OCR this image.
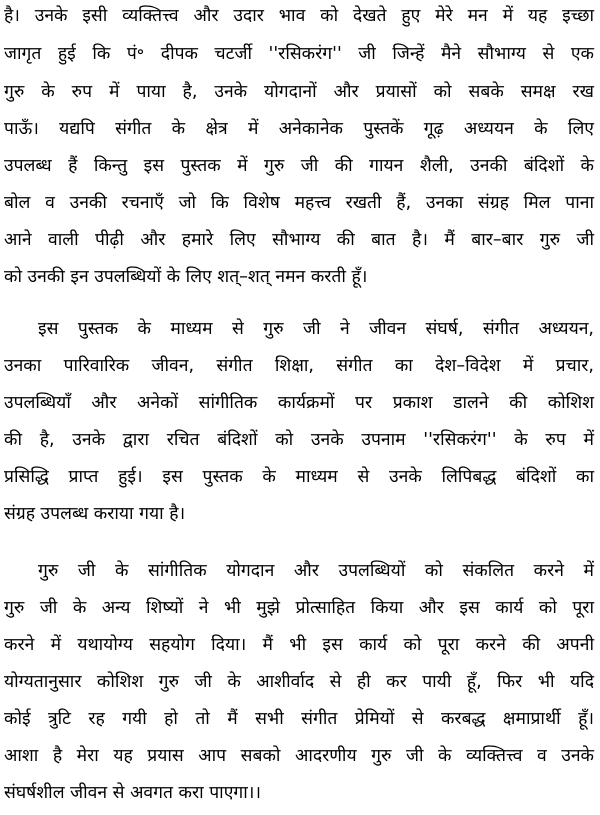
है। उनके इसी व्यक्तित्त्व और उदार भाव को देखते हुए मेरे मन में यह इच्छा
जागृत हुई कि पं॰ दीपक चटर्जी ''रसिकरंग'' जी जिन्हें मैने सौभाग्य से एक
गुरु के रुप में पाया है, उनके योगदानों और प्रयासों को सबके समक्ष रख
पाऊँ। यद्यपि संगीत के क्षेत्र में अनेकानेक पुस्तकें गूढ़ अध्ययन के लिए
उपलब्ध हैं किन्तु इस पुस्तक में गुरु जी की गायन शैली, उनकी बंदिशों के
बोल व उनकी रचनाएँ जो कि विशेष महत्त्व रखती हैं, उनका संग्रह मिल पाना
आने वाली पीढ़ी और हमारे लिए सौभाग्य की बात है। मैं बार–बार गुरु जी
को उनकी इन उपलब्धियों के लिए शत्–शत् नमन करती हूँ।
इस पुस्तक के माध्यम से गुरु जी ने जीवन संघर्ष, संगीत अध्ययन,
उनका पारिवारिक जीवन, संगीत शिक्षा, संगीत का देश–विदेश में प्रचार,
उपलब्धियाँ और अनेकों सांगीतिक कार्यक्रमों पर प्रकाश डालने की कोशिश
की है, उनके द्वारा रचित बंदिशों को उनके उपनाम ''रसिकरंग'' के रुप में
प्रसिद्धि प्राप्त हुई। इस पुस्तक के माध्यम से उनके लिपिबद्ध बंदिशों का
संग्रह उपलब्ध कराया गया है।
गुरु जी के सांगीतिक योगदान और उपलब्धियों को संकलित करने में
गुरु जी के अन्य शिष्यों ने भी मुझे प्रोत्साहित किया और इस कार्य को पूरा
करने में यथायोग्य सहयोग दिया। मैं भी इस कार्य को पूरा करने की अपनी
योग्यतानुसार कोशिश गुरु जी के आशीर्वाद से ही कर पायी हूँ, फिर भी यदि
कोई त्रुटि रह गयी हो तो मैं सभी संगीत प्रेमियों से करबद्ध क्षमाप्रार्थी हूँ।
आशा है मेरा यह प्रयास आप सबको आदरणीय गुरु जी के व्यक्तित्त्व व उनके
संघर्षशील जीवन से अवगत करा पाएगा।।
